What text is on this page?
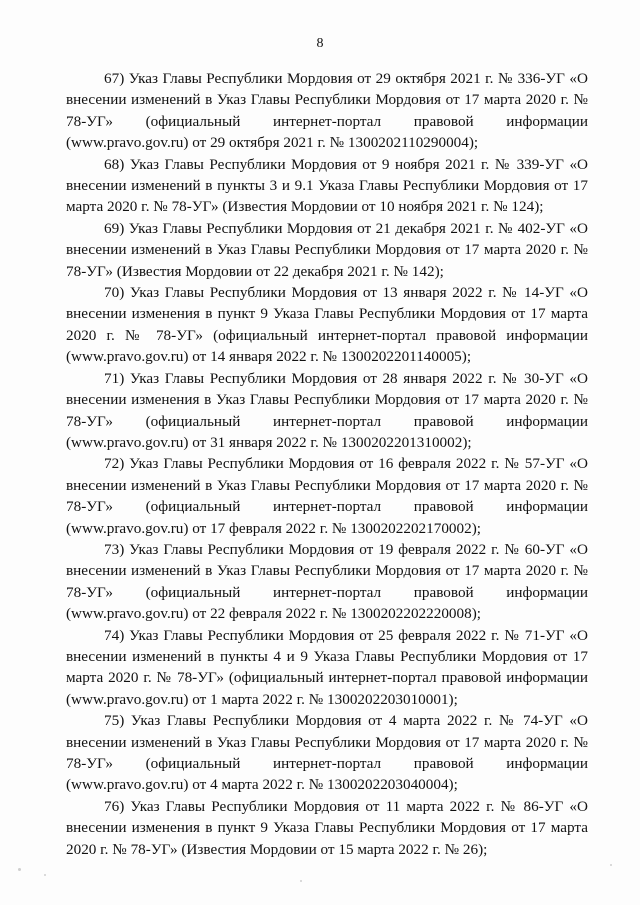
8

67) Указ Главы Республики Мордовия от 29 октября 2021 г. № 336-УГ «О внесении изменений в Указ Главы Республики Мордовия от 17 марта 2020 г. № 78-УГ» (официальный интернет-портал правовой информации (www.pravo.gov.ru) от 29 октября 2021 г. № 1300202110290004);

68) Указ Главы Республики Мордовия от 9 ноября 2021 г. № 339-УГ «О внесении изменений в пункты 3 и 9.1 Указа Главы Республики Мордовия от 17 марта 2020 г. № 78-УГ» (Известия Мордовии от 10 ноября 2021 г. № 124);

69) Указ Главы Республики Мордовия от 21 декабря 2021 г. № 402-УГ «О внесении изменений в Указ Главы Республики Мордовия от 17 марта 2020 г. № 78-УГ» (Известия Мордовии от 22 декабря 2021 г. № 142);

70) Указ Главы Республики Мордовия от 13 января 2022 г. № 14-УГ «О внесении изменения в пункт 9 Указа Главы Республики Мордовия от 17 марта 2020 г. № 78-УГ» (официальный интернет-портал правовой информации (www.pravo.gov.ru) от 14 января 2022 г. № 1300202201140005);

71) Указ Главы Республики Мордовия от 28 января 2022 г. № 30-УГ «О внесении изменения в Указ Главы Республики Мордовия от 17 марта 2020 г. № 78-УГ» (официальный интернет-портал правовой информации (www.pravo.gov.ru) от 31 января 2022 г. № 1300202201310002);

72) Указ Главы Республики Мордовия от 16 февраля 2022 г. № 57-УГ «О внесении изменений в Указ Главы Республики Мордовия от 17 марта 2020 г. № 78-УГ» (официальный интернет-портал правовой информации (www.pravo.gov.ru) от 17 февраля 2022 г. № 1300202202170002);

73) Указ Главы Республики Мордовия от 19 февраля 2022 г. № 60-УГ «О внесении изменений в Указ Главы Республики Мордовия от 17 марта 2020 г. № 78-УГ» (официальный интернет-портал правовой информации (www.pravo.gov.ru) от 22 февраля 2022 г. № 1300202202220008);

74) Указ Главы Республики Мордовия от 25 февраля 2022 г. № 71-УГ «О внесении изменений в пункты 4 и 9 Указа Главы Республики Мордовия от 17 марта 2020 г. № 78-УГ» (официальный интернет-портал правовой информации (www.pravo.gov.ru) от 1 марта 2022 г. № 1300202203010001);

75) Указ Главы Республики Мордовия от 4 марта 2022 г. № 74-УГ «О внесении изменений в Указ Главы Республики Мордовия от 17 марта 2020 г. № 78-УГ» (официальный интернет-портал правовой информации (www.pravo.gov.ru) от 4 марта 2022 г. № 1300202203040004);

76) Указ Главы Республики Мордовия от 11 марта 2022 г. № 86-УГ «О внесении изменения в пункт 9 Указа Главы Республики Мордовия от 17 марта 2020 г. № 78-УГ» (Известия Мордовии от 15 марта 2022 г. № 26);
